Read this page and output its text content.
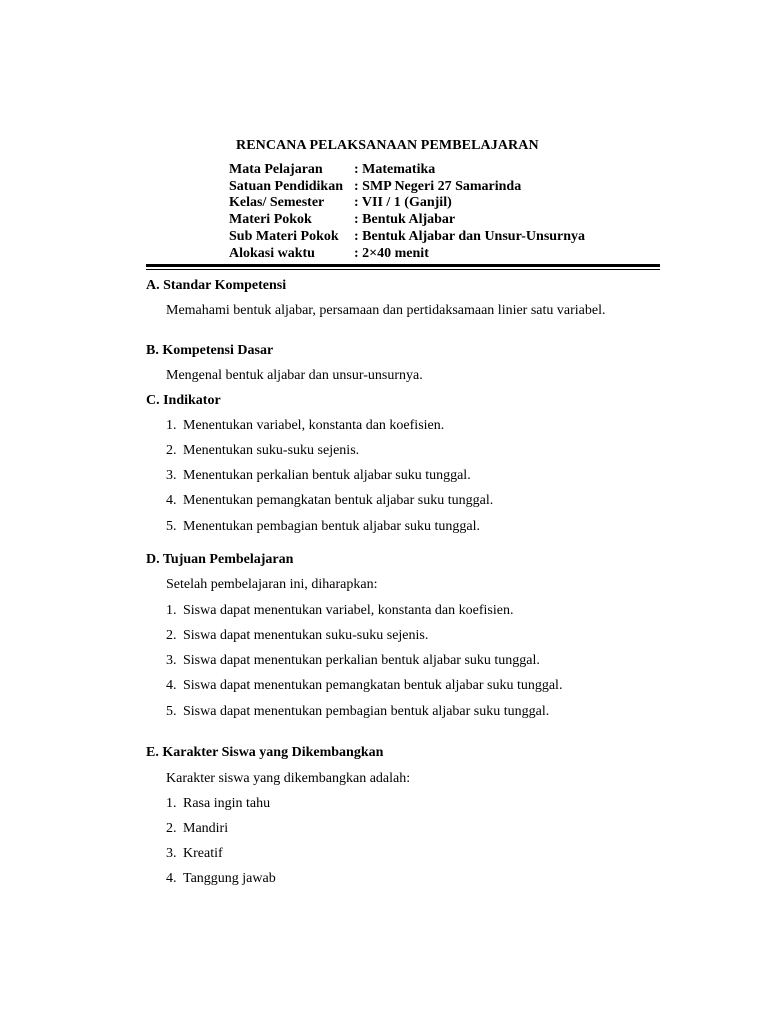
RENCANA PELAKSANAAN PEMBELAJARAN
Mata Pelajaran	: Matematika
Satuan Pendidikan : SMP Negeri 27 Samarinda
Kelas/ Semester	: VII / 1 (Ganjil)
Materi Pokok	: Bentuk Aljabar
Sub Materi Pokok	: Bentuk Aljabar dan Unsur-Unsurnya
Alokasi waktu	: 2×40 menit
A. Standar Kompetensi
Memahami bentuk aljabar, persamaan dan pertidaksamaan linier satu variabel.
B. Kompetensi Dasar
Mengenal bentuk aljabar dan unsur-unsurnya.
C. Indikator
1. Menentukan variabel, konstanta dan koefisien.
2. Menentukan suku-suku sejenis.
3. Menentukan perkalian bentuk aljabar suku tunggal.
4. Menentukan pemangkatan bentuk aljabar suku tunggal.
5. Menentukan pembagian bentuk aljabar suku tunggal.
D. Tujuan Pembelajaran
Setelah pembelajaran ini, diharapkan:
1. Siswa dapat menentukan variabel, konstanta dan koefisien.
2. Siswa dapat menentukan suku-suku sejenis.
3. Siswa dapat menentukan perkalian bentuk aljabar suku tunggal.
4. Siswa dapat menentukan pemangkatan bentuk aljabar suku tunggal.
5. Siswa dapat menentukan pembagian bentuk aljabar suku tunggal.
E. Karakter Siswa yang Dikembangkan
Karakter siswa yang dikembangkan adalah:
1. Rasa ingin tahu
2. Mandiri
3. Kreatif
4. Tanggung jawab
